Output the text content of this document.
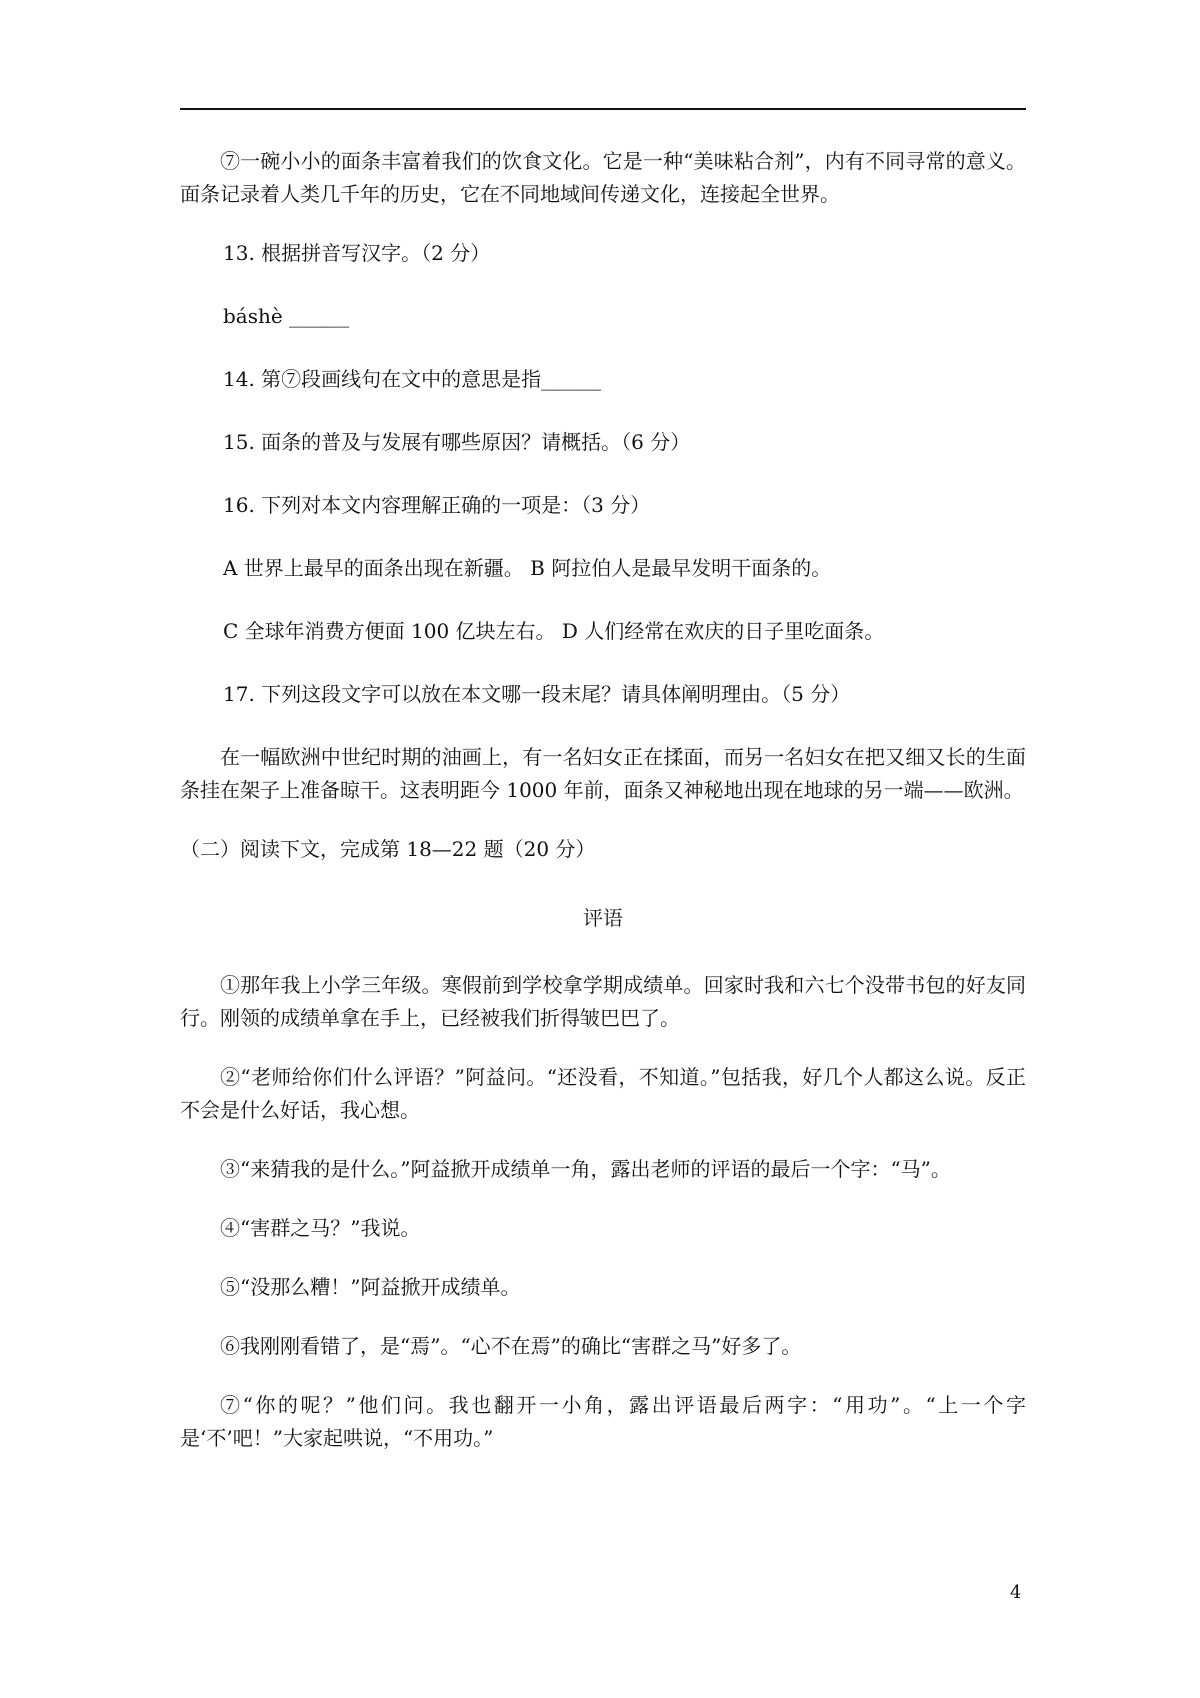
⑦一碗小小的面条丰富着我们的饮食文化。它是一种“美味粘合剂”，内有不同寻常的意义。面条记录着人类几千年的历史，它在不同地域间传递文化，连接起全世界。

13. 根据拼音写汉字。（2 分）
báshè ______
14. 第⑦段画线句在文中的意思是指______
15. 面条的普及与发展有哪些原因？请概括。（6 分）
16. 下列对本文内容理解正确的一项是：（3 分）
A 世界上最早的面条出现在新疆。 B 阿拉伯人是最早发明干面条的。
C 全球年消费方便面 100 亿块左右。 D 人们经常在欢庆的日子里吃面条。
17. 下列这段文字可以放在本文哪一段末尾？请具体阐明理由。（5 分）

在一幅欧洲中世纪时期的油画上，有一名妇女正在揉面，而另一名妇女在把又细又长的生面条挂在架子上准备晾干。这表明距今 1000 年前，面条又神秘地出现在地球的另一端——欧洲。

（二）阅读下文，完成第 18—22 题（20 分）
评语

①那年我上小学三年级。寒假前到学校拿学期成绩单。回家时我和六七个没带书包的好友同行。刚领的成绩单拿在手上，已经被我们折得皱巴巴了。

②“老师给你们什么评语？”阿益问。“还没看，不知道。”包括我，好几个人都这么说。反正不会是什么好话，我心想。

③“来猜我的是什么。”阿益掀开成绩单一角，露出老师的评语的最后一个字：“马”。

④“害群之马？”我说。

⑤“没那么糟！”阿益掀开成绩单。

⑥我刚刚看错了，是“焉”。“心不在焉”的确比“害群之马”好多了。

⑦“你的呢？”他们问。我也翻开一小角，露出评语最后两字：“用功”。“上一个字是‘不’吧！”大家起哄说，“不用功。”

4
